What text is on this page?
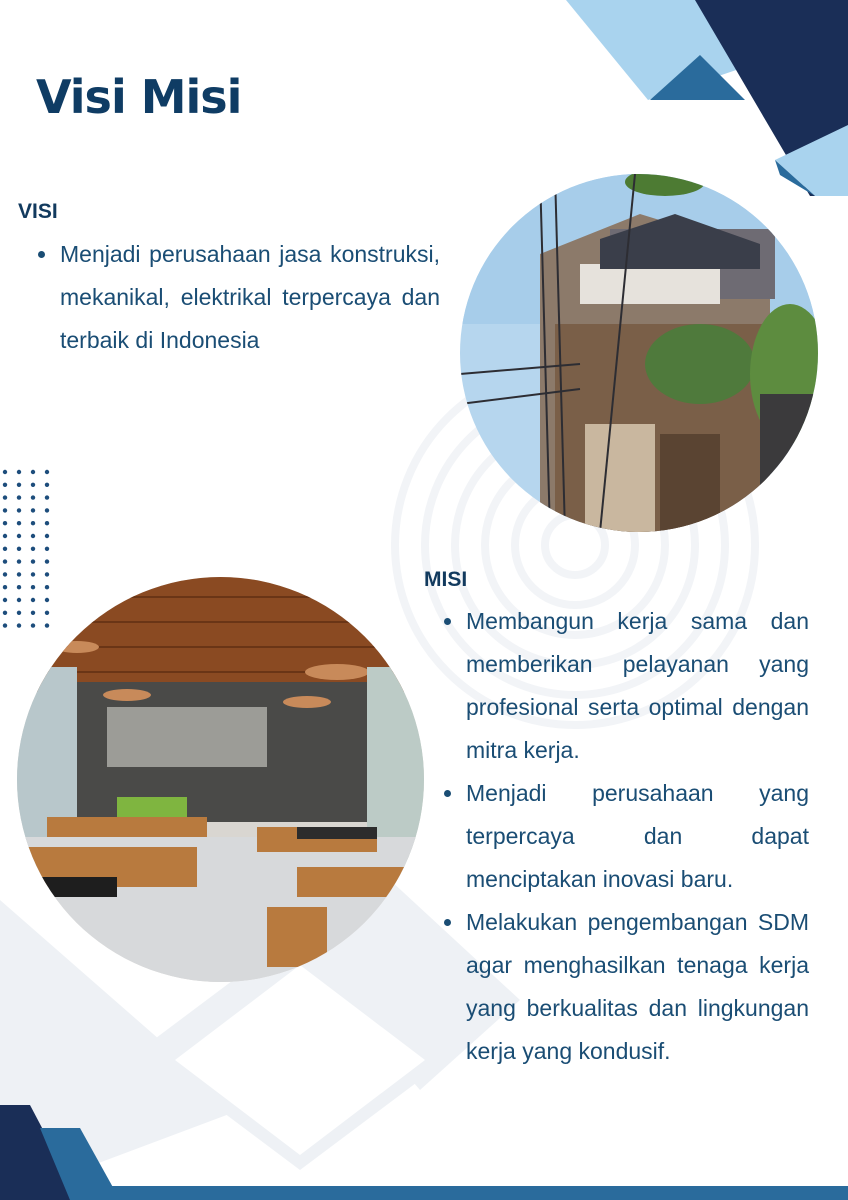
Visi Misi
VISI
Menjadi perusahaan jasa konstruksi, mekanikal, elektrikal terpercaya dan terbaik di Indonesia
MISI
Membangun kerja sama dan memberikan pelayanan yang profesional serta optimal dengan mitra kerja.
Menjadi perusahaan yang terpercaya dan dapat menciptakan inovasi baru.
Melakukan pengembangan SDM agar menghasilkan tenaga kerja yang berkualitas dan lingkungan kerja yang kondusif.
